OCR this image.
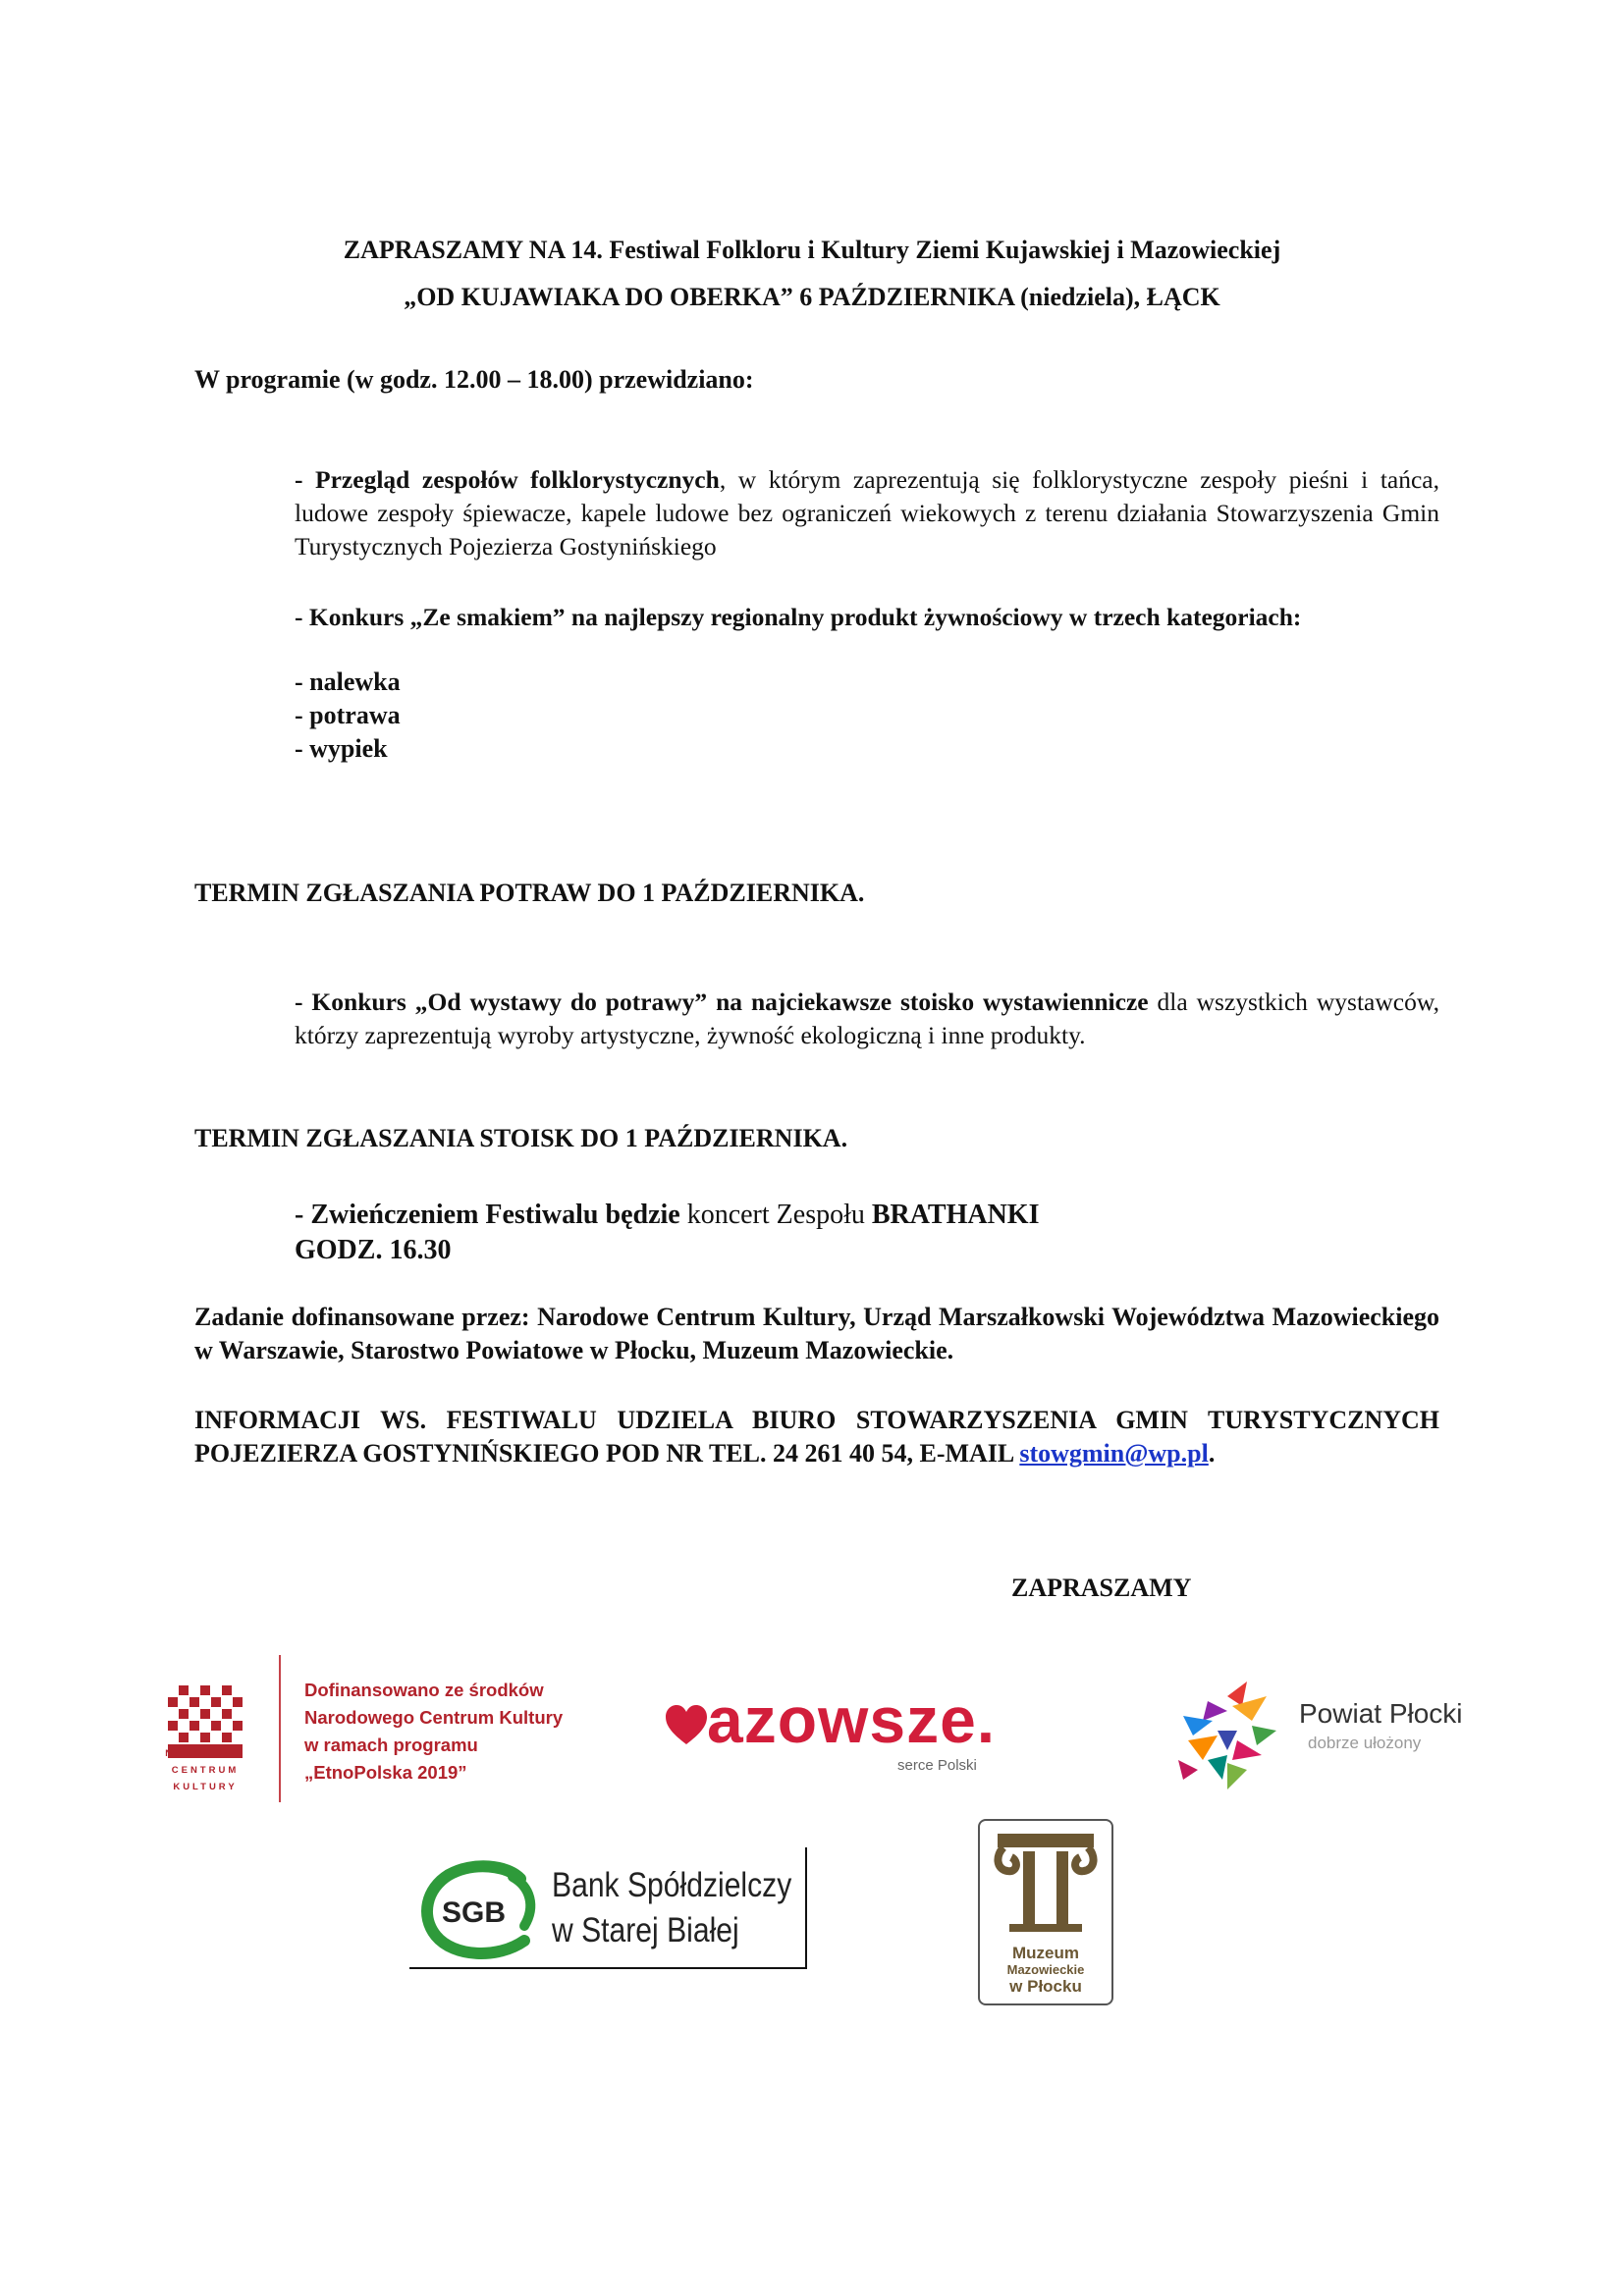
ZAPRASZAMY NA 14. Festiwal Folkloru i Kultury Ziemi Kujawskiej i Mazowieckiej
„OD KUJAWIAKA DO OBERKA” 6 PAŹDZIERNIKA (niedziela), ŁĄCK
W programie (w godz. 12.00 – 18.00) przewidziano:
- Przegląd zespołów folklorystycznych, w którym zaprezentują się folklorystyczne zespoły pieśni i tańca, ludowe zespoły śpiewacze, kapele ludowe bez ograniczeń wiekowych z terenu działania Stowarzyszenia Gmin Turystycznych Pojezierza Gostynińskiego
- Konkurs „Ze smakiem” na najlepszy regionalny produkt żywnościowy w trzech kategoriach:
- nalewka
- potrawa
- wypiek
TERMIN ZGŁASZANIA POTRAW DO 1 PAŹDZIERNIKA.
- Konkurs „Od wystawy do potrawy” na najciekawsze stoisko wystawiennicze dla wszystkich wystawców, którzy zaprezentują wyroby artystyczne, żywność ekologiczną i inne produkty.
TERMIN ZGŁASZANIA STOISK DO 1 PAŹDZIERNIKA.
- Zwieńczeniem Festiwalu będzie koncert Zespołu BRATHANKI
GODZ. 16.30
Zadanie dofinansowane przez: Narodowe Centrum Kultury, Urząd Marszałkowski Województwa Mazowieckiego w Warszawie, Starostwo Powiatowe w Płocku, Muzeum Mazowieckie.
INFORMACJI WS. FESTIWALU UDZIELA BIURO STOWARZYSZENIA GMIN TURYSTYCZNYCH POJEZIERZA GOSTYNIŃSKIEGO POD NR TEL. 24 261 40 54, E-MAIL stowgmin@wp.pl.
ZAPRASZAMY
NARODOWE
CENTRUM
KULTURY
Dofinansowano ze środków
Narodowego Centrum Kultury
w ramach programu
„EtnoPolska 2019”
azowsze.
serce Polski
Powiat Płocki
dobrze ułożony
SGB
Bank Spółdzielczy
w Starej Białej
Muzeum
Mazowieckie
w Płocku
